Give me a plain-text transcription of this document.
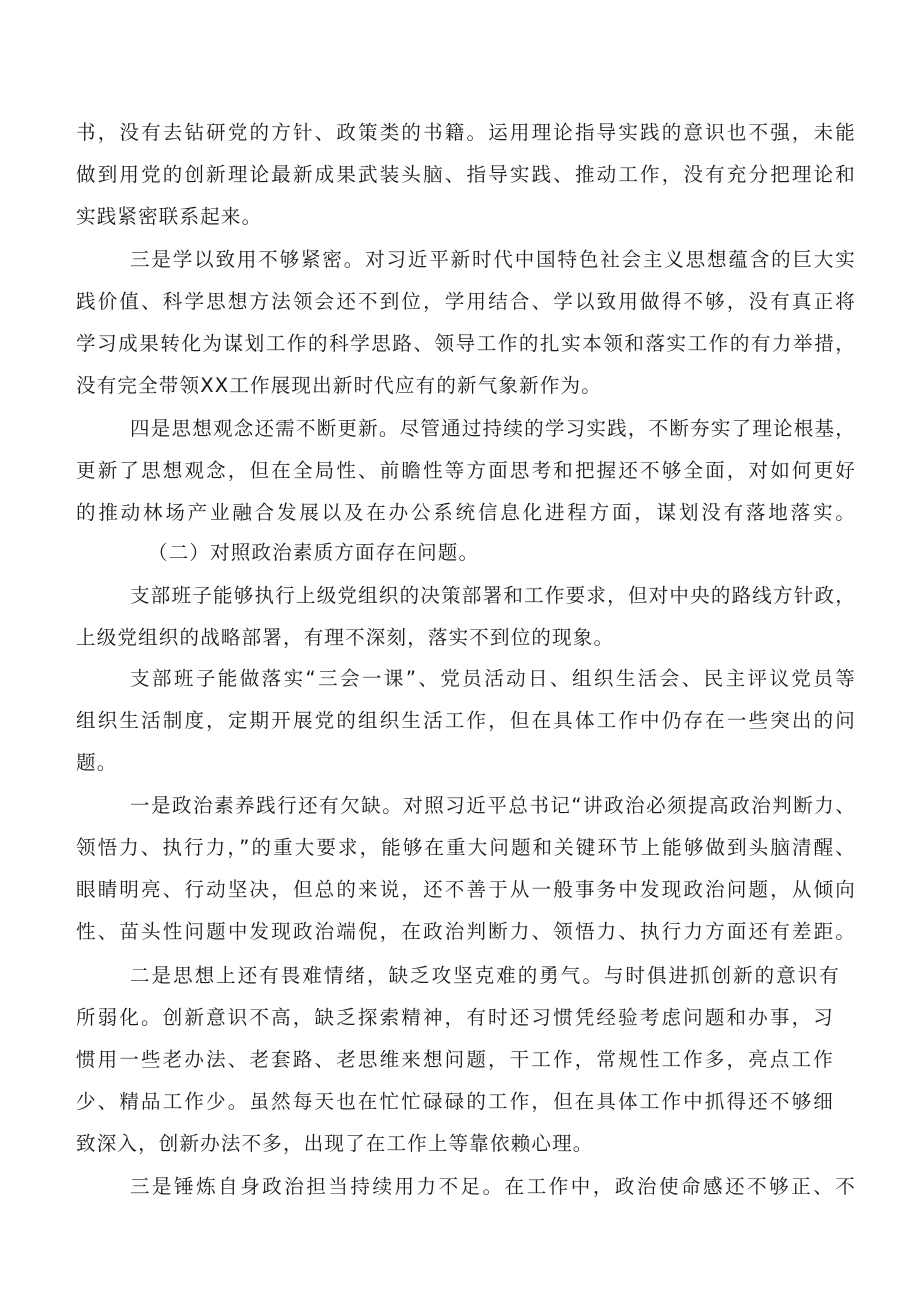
书，没有去钻研党的方针、政策类的书籍。运用理论指导实践的意识也不强，未能
做到用党的创新理论最新成果武装头脑、指导实践、推动工作，没有充分把理论和
实践紧密联系起来。
三是学以致用不够紧密。对习近平新时代中国特色社会主义思想蕴含的巨大实
践价值、科学思想方法领会还不到位，学用结合、学以致用做得不够，没有真正将
学习成果转化为谋划工作的科学思路、领导工作的扎实本领和落实工作的有力举措，
没有完全带领XX工作展现出新时代应有的新气象新作为。
四是思想观念还需不断更新。尽管通过持续的学习实践，不断夯实了理论根基，
更新了思想观念，但在全局性、前瞻性等方面思考和把握还不够全面，对如何更好
的推动林场产业融合发展以及在办公系统信息化进程方面，谋划没有落地落实。
（二）对照政治素质方面存在问题。
支部班子能够执行上级党组织的决策部署和工作要求，但对中央的路线方针政，
上级党组织的战略部署，有理不深刻，落实不到位的现象。
支部班子能做落实“三会一课”、党员活动日、组织生活会、民主评议党员等
组织生活制度，定期开展党的组织生活工作，但在具体工作中仍存在一些突出的问
题。
一是政治素养践行还有欠缺。对照习近平总书记“讲政治必须提高政治判断力、
领悟力、执行力，”的重大要求，能够在重大问题和关键环节上能够做到头脑清醒、
眼睛明亮、行动坚决，但总的来说，还不善于从一般事务中发现政治问题，从倾向
性、苗头性问题中发现政治端倪，在政治判断力、领悟力、执行力方面还有差距。
二是思想上还有畏难情绪，缺乏攻坚克难的勇气。与时俱进抓创新的意识有
所弱化。创新意识不高，缺乏探索精神，有时还习惯凭经验考虑问题和办事，习
惯用一些老办法、老套路、老思维来想问题，干工作，常规性工作多，亮点工作
少、精品工作少。虽然每天也在忙忙碌碌的工作，但在具体工作中抓得还不够细
致深入，创新办法不多，出现了在工作上等靠依赖心理。
三是锤炼自身政治担当持续用力不足。在工作中，政治使命感还不够正、不
